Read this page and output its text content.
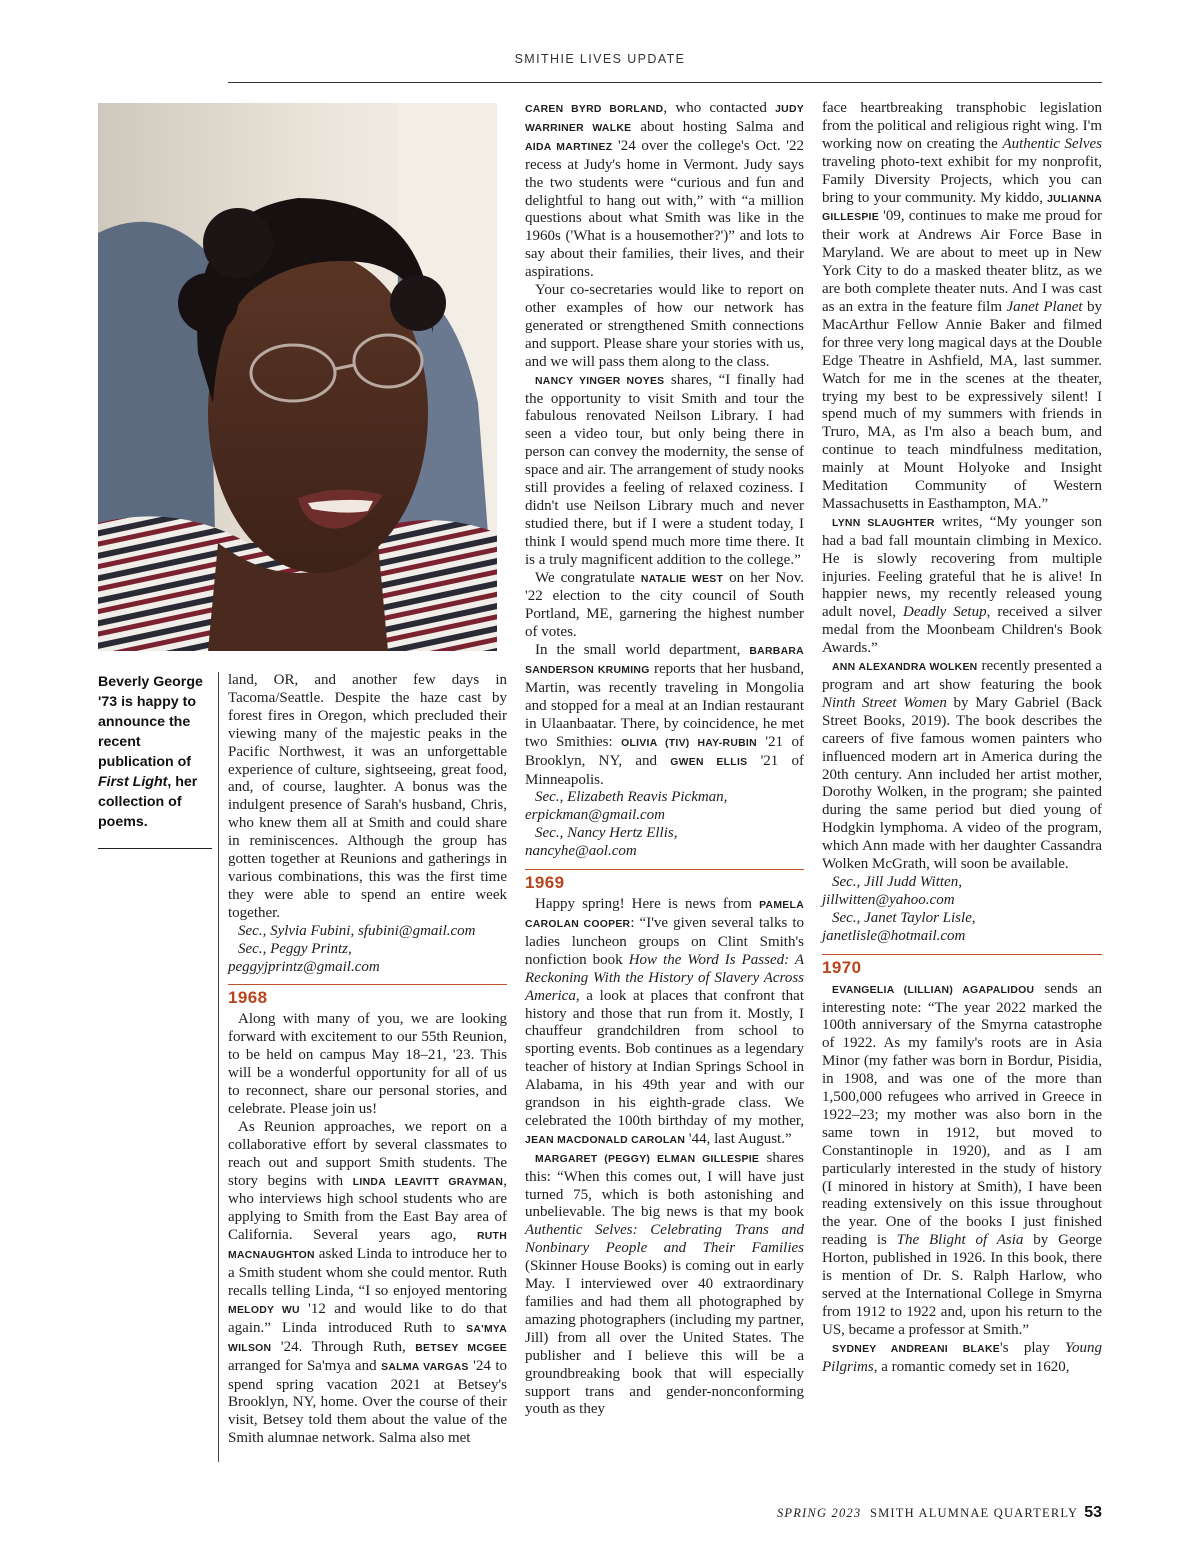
SMITHIE LIVES UPDATE

Beverly George '73 is happy to announce the recent publication of First Light, her collection of poems.

land, OR, and another few days in Tacoma/Seattle. Despite the haze cast by forest fires in Oregon, which precluded their viewing many of the majestic peaks in the Pacific Northwest, it was an unforgettable experience of culture, sightseeing, great food, and, of course, laughter. A bonus was the indulgent presence of Sarah's husband, Chris, who knew them all at Smith and could share in reminiscences. Although the group has gotten together at Reunions and gatherings in various combinations, this was the first time they were able to spend an entire week together.

Sec., Sylvia Fubini, sfubini@gmail.com

Sec., Peggy Printz,

peggyjprintz@gmail.com

1968

Along with many of you, we are looking forward with excitement to our 55th Reunion, to be held on campus May 18–21, '23. This will be a wonderful opportunity for all of us to reconnect, share our personal stories, and celebrate. Please join us!

As Reunion approaches, we report on a collaborative effort by several classmates to reach out and support Smith students. The story begins with LINDA LEAVITT GRAYMAN, who interviews high school students who are applying to Smith from the East Bay area of California. Several years ago, RUTH MACNAUGHTON asked Linda to introduce her to a Smith student whom she could mentor. Ruth recalls telling Linda, “I so enjoyed mentoring MELODY WU '12 and would like to do that again.” Linda introduced Ruth to SA'MYA WILSON '24. Through Ruth, BETSEY MCGEE arranged for Sa'mya and SALMA VARGAS '24 to spend spring vacation 2021 at Betsey's Brooklyn, NY, home. Over the course of their visit, Betsey told them about the value of the Smith alumnae network. Salma also met

CAREN BYRD BORLAND, who contacted JUDY WARRINER WALKE about hosting Salma and AIDA MARTINEZ '24 over the college's Oct. '22 recess at Judy's home in Vermont. Judy says the two students were “curious and fun and delightful to hang out with,” with “a million questions about what Smith was like in the 1960s ('What is a housemother?')” and lots to say about their families, their lives, and their aspirations.

Your co-secretaries would like to report on other examples of how our network has generated or strengthened Smith connections and support. Please share your stories with us, and we will pass them along to the class.

NANCY YINGER NOYES shares, “I finally had the opportunity to visit Smith and tour the fabulous renovated Neilson Library. I had seen a video tour, but only being there in person can convey the modernity, the sense of space and air. The arrangement of study nooks still provides a feeling of relaxed coziness. I didn't use Neilson Library much and never studied there, but if I were a student today, I think I would spend much more time there. It is a truly magnificent addition to the college.”

We congratulate NATALIE WEST on her Nov. '22 election to the city council of South Portland, ME, garnering the highest number of votes.

In the small world department, BARBARA SANDERSON KRUMING reports that her husband, Martin, was recently traveling in Mongolia and stopped for a meal at an Indian restaurant in Ulaanbaatar. There, by coincidence, he met two Smithies: OLIVIA (TIV) HAY-RUBIN '21 of Brooklyn, NY, and GWEN ELLIS '21 of Minneapolis.

Sec., Elizabeth Reavis Pickman,

erpickman@gmail.com

Sec., Nancy Hertz Ellis,

nancyhe@aol.com

1969

Happy spring! Here is news from PAMELA CAROLAN COOPER: “I've given several talks to ladies luncheon groups on Clint Smith's nonfiction book How the Word Is Passed: A Reckoning With the History of Slavery Across America, a look at places that confront that history and those that run from it. Mostly, I chauffeur grandchildren from school to sporting events. Bob continues as a legendary teacher of history at Indian Springs School in Alabama, in his 49th year and with our grandson in his eighth-grade class. We celebrated the 100th birthday of my mother, JEAN MACDONALD CAROLAN '44, last August.”

MARGARET (PEGGY) ELMAN GILLESPIE shares this: “When this comes out, I will have just turned 75, which is both astonishing and unbelievable. The big news is that my book Authentic Selves: Celebrating Trans and Nonbinary People and Their Families (Skinner House Books) is coming out in early May. I interviewed over 40 extraordinary families and had them all photographed by amazing photographers (including my partner, Jill) from all over the United States. The publisher and I believe this will be a groundbreaking book that will especially support trans and gender-nonconforming youth as they

face heartbreaking transphobic legislation from the political and religious right wing. I'm working now on creating the Authentic Selves traveling photo-text exhibit for my nonprofit, Family Diversity Projects, which you can bring to your community. My kiddo, JULIANNA GILLESPIE '09, continues to make me proud for their work at Andrews Air Force Base in Maryland. We are about to meet up in New York City to do a masked theater blitz, as we are both complete theater nuts. And I was cast as an extra in the feature film Janet Planet by MacArthur Fellow Annie Baker and filmed for three very long magical days at the Double Edge Theatre in Ashfield, MA, last summer. Watch for me in the scenes at the theater, trying my best to be expressively silent! I spend much of my summers with friends in Truro, MA, as I'm also a beach bum, and continue to teach mindfulness meditation, mainly at Mount Holyoke and Insight Meditation Community of Western Massachusetts in Easthampton, MA.”

LYNN SLAUGHTER writes, “My younger son had a bad fall mountain climbing in Mexico. He is slowly recovering from multiple injuries. Feeling grateful that he is alive! In happier news, my recently released young adult novel, Deadly Setup, received a silver medal from the Moonbeam Children's Book Awards.”

ANN ALEXANDRA WOLKEN recently presented a program and art show featuring the book Ninth Street Women by Mary Gabriel (Back Street Books, 2019). The book describes the careers of five famous women painters who influenced modern art in America during the 20th century. Ann included her artist mother, Dorothy Wolken, in the program; she painted during the same period but died young of Hodgkin lymphoma. A video of the program, which Ann made with her daughter Cassandra Wolken McGrath, will soon be available.

Sec., Jill Judd Witten,

jillwitten@yahoo.com

Sec., Janet Taylor Lisle,

janetlisle@hotmail.com

1970

EVANGELIA (LILLIAN) AGAPALIDOU sends an interesting note: “The year 2022 marked the 100th anniversary of the Smyrna catastrophe of 1922. As my family's roots are in Asia Minor (my father was born in Bordur, Pisidia, in 1908, and was one of the more than 1,500,000 refugees who arrived in Greece in 1922–23; my mother was also born in the same town in 1912, but moved to Constantinople in 1920), and as I am particularly interested in the study of history (I minored in history at Smith), I have been reading extensively on this issue throughout the year. One of the books I just finished reading is The Blight of Asia by George Horton, published in 1926. In this book, there is mention of Dr. S. Ralph Harlow, who served at the International College in Smyrna from 1912 to 1922 and, upon his return to the US, became a professor at Smith.”

SYDNEY ANDREANI BLAKE's play Young Pilgrims, a romantic comedy set in 1620,

SPRING 2023 SMITH ALUMNAE QUARTERLY 53
